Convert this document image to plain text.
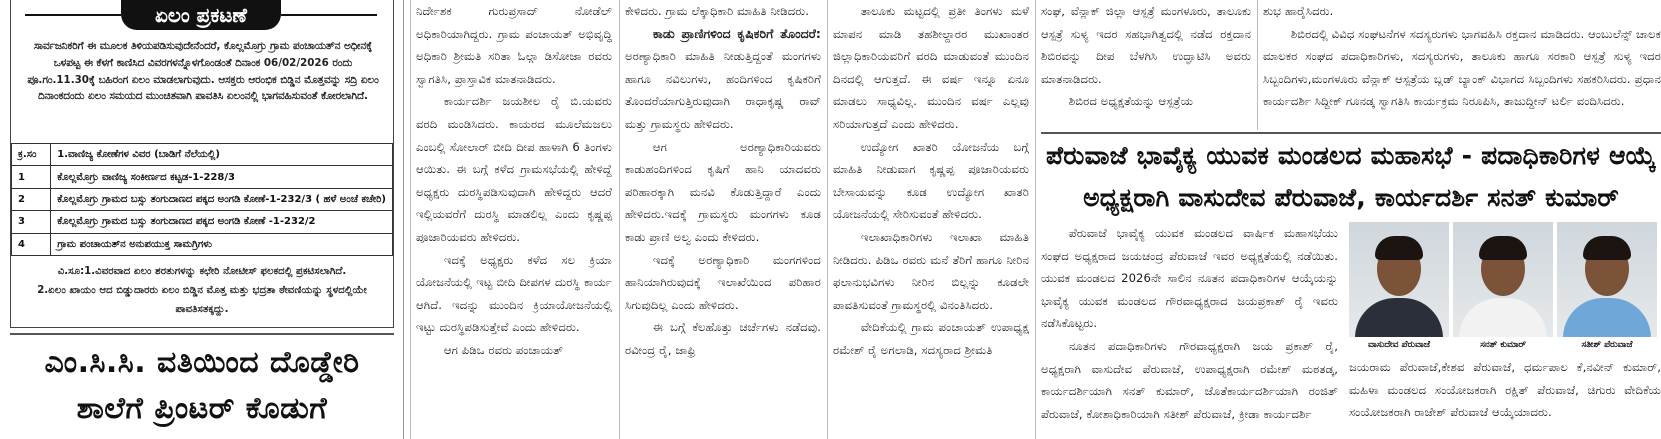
ಏಲಂ ಪ್ರಕಟಣೆ
ಸಾರ್ವಜನಿಕರಿಗೆ ಈ ಮೂಲಕ ತಿಳಿಯಪಡಿಸುವುದೇನೆಂದರೆ, ಕೊಲ್ಲಮೊಗ್ರು ಗ್ರಾಮ ಪಂಚಾಯತ್‌ನ ಅಧೀನಕ್ಕೆ ಒಳಪಟ್ಟ ಈ ಕೆಳಗೆ ಕಾಣಿಸಿದ ವಿವರಗಳನ್ನೊಳಗೊಂಡಂತೆ ದಿನಾಂಕ 06/02/2026 ರಂದು ಪೂ.ಗಂ.11.30ಕ್ಕೆ ಬಹಿರಂಗ ಏಲಂ ಮಾಡಲಾಗುವುದು. ಆಸಕ್ತರು ಆರಂಭಿಕ ಬಿಡ್ಡಿನ ಮೊತ್ತವನ್ನು ಸದ್ರಿ ಏಲಂ ದಿನಾಂಕದಂದು ಏಲಂ ಸಮಯದ ಮುಂಚಿತವಾಗಿ ಪಾವತಿಸಿ ಏಲಂನಲ್ಲಿ ಭಾಗವಹಿಸುವಂತೆ ಕೋರಲಾಗಿದೆ.
ಕ್ರ.ಸಂ	1.ವಾಣಿಜ್ಯ ಕೋಣೆಗಳ ವಿವರ (ಬಾಡಿಗೆ ನೆಲೆಯಲ್ಲಿ)
1	ಕೊಲ್ಲಮೊಗ್ರು ವಾಣಿಜ್ಯ ಸಂಕೀರ್ಣದ ಕಟ್ಟಡ-1-228/3
2	ಕೊಲ್ಲಮೊಗ್ರು ಗ್ರಾಮದ ಬಸ್ಸು ತಂಗುದಾಣದ ಪಕ್ಕದ ಅಂಗಡಿ ಕೋಣೆ-1-232/3 ( ಹಳೆ ಅಂಚೆ ಕಚೇರಿ)
3	ಕೊಲ್ಲಮೊಗ್ರು ಗ್ರಾಮದ ಬಸ್ಸು ತಂಗುದಾಣದ ಪಕ್ಕದ ಅಂಗಡಿ ಕೋಣೆ -1-232/2
4	ಗ್ರಾಮ ಪಂಚಾಯತ್‌ನ ಅನುಪಯುಕ್ತ ಸಾಮಗ್ರಿಗಳು
ವಿ.ಸೂ:1.ವಿವರವಾದ ಏಲಂ ಶರತುಗಳನ್ನು ಕಛೇರಿ ನೋಟೀಸ್ ಫಲಕದಲ್ಲಿ ಪ್ರಕಟಿಸಲಾಗಿದೆ.
2.ಏಲಂ ಖಾಯಂ ಆದ ಬಿಡ್ಡುದಾರರು ಏಲಂ ಬಿಡ್ಡಿನ ಮೊತ್ತ ಮತ್ತು ಭದ್ರತಾ ಠೇವಣಿಯನ್ನು ಸ್ಥಳದಲ್ಲಿಯೇ ಪಾವತಿಸತಕ್ಕದ್ದು.
ಎಂ.ಸಿ.ಸಿ. ವತಿಯಿಂದ ದೊಡ್ಡೇರಿ
ಶಾಲೆಗೆ ಪ್ರಿಂಟರ್ ಕೊಡುಗೆ

ನಿರ್ದೇಶಕ ಗುರುಪ್ರಸಾದ್ ನೋಡೆಲ್ ಅಧಿಕಾರಿಯಾಗಿದ್ದರು. ಗ್ರಾಮ ಪಂಚಾಯತ್ ಅಭಿವೃದ್ಧಿ ಅಧಿಕಾರಿ ಶ್ರೀಮತಿ ಸರಿತಾ ಓಲ್ಗಾ ಡಿಸೋಜಾ ರವರು ಸ್ವಾಗತಿಸಿ, ಪ್ರಾಸ್ತಾವಿಕ ಮಾತನಾಡಿದರು.

ಕಾರ್ಯದರ್ಶಿ ಜಯಶೀಲ ರೈ ಬಿ.ಯವರು ವರದಿ ಮಂಡಿಸಿದರು. ಕಾಯರದ ಮೂಲೆಮಜಲು ಎಂಬಲ್ಲಿ ಸೋಲಾರ್ ಬೀದಿ ದೀಪ ಹಾಳಾಗಿ 6 ತಿಂಗಳು ಆಯಿತು. ಈ ಬಗ್ಗೆ ಕಳೆದ ಗ್ರಾಮಸಭೆಯಲ್ಲಿ ಹೇಳಿದ್ದೆ ಅಧ್ಯಕ್ಷರು ದುರಸ್ಥಿಪಡಿಸುವುದಾಗಿ ಹೇಳಿದ್ದರು ಆದರೆ ಇಲ್ಲಿಯವರೆಗೆ ದುರಸ್ಥಿ ಮಾಡಲಿಲ್ಲ ಎಂದು ಕೃಷ್ಣಪ್ಪ ಪೂಜಾರಿಯವರು ಹೇಳಿದರು.

ಇದಕ್ಕೆ ಅಧ್ಯಕ್ಷರು ಕಳೆದ ಸಲ ಕ್ರಿಯಾ ಯೋಜನೆಯಲ್ಲಿ ಇಟ್ಟ ಬೀದಿ ದೀಪಗಳ ದುರಸ್ಥಿ ಕಾರ್ಯ ಆಗಿದೆ. ಇದನ್ನು ಮುಂದಿನ ಕ್ರಿಯಾಯೋಜನೆಯಲ್ಲಿ ಇಟ್ಟು ದುರಸ್ಥಿಪಡಿಸುತ್ತೇವೆ ಎಂದು ಹೇಳಿದರು.

ಆಗ ಪಿಡಿಒ ರವರು ಪಂಚಾಯತ್

ಕೇಳಿದರು. ಗ್ರಾಮ ಲೆಕ್ಕಾಧಿಕಾರಿ ಮಾಹಿತಿ ನೀಡಿದರು.

ಕಾಡು ಪ್ರಾಣಿಗಳಿಂದ ಕೃಷಿಕರಿಗೆ ತೊಂದರೆ: ಅರಣ್ಯಾಧಿಕಾರಿ ಮಾಹಿತಿ ನೀಡುತ್ತಿದ್ದಂತೆ ಮಂಗಗಳು ಹಾಗೂ ನವಿಲುಗಳು, ಹಂದಿಗಳಿಂದ ಕೃಷಿಕರಿಗೆ ತೊಂದರೆಯಾಗುತ್ತಿರುವುದಾಗಿ ರಾಧಾಕೃಷ್ಣ ರಾವ್ ಮತ್ತು ಗ್ರಾಮಸ್ಥರು ಹೇಳಿದರು.

ಆಗ ಅರಣ್ಯಾಧಿಕಾರಿಯವರು ಕಾಡುಹಂದಿಗಳಿಂದ ಕೃಷಿಗೆ ಹಾನಿ ಯಾದವರು ಪರಿಹಾರಕ್ಕಾಗಿ ಮನವಿ ಕೊಡುತ್ತಿದ್ದಾರೆ ಎಂದು ಹೇಳಿದರು.ಇದಕ್ಕೆ ಗ್ರಾಮಸ್ಥರು ಮಂಗಗಳು ಕೂಡ ಕಾಡು ಪ್ರಾಣಿ ಅಲ್ವ ಎಂದು ಕೇಳಿದರು.

ಇದಕ್ಕೆ ಅರಣ್ಯಾಧಿಕಾರಿ ಮಂಗಗಳಿಂದ ಹಾನಿಯಾಗಿರುವುದಕ್ಕೆ ಇಲಾಖೆಯಿಂದ ಪರಿಹಾರ ಸಿಗುವುದಿಲ್ಲ ಎಂದು ಹೇಳಿದರು.

ಈ ಬಗ್ಗೆ ಕೆಲಹೊತ್ತು ಚರ್ಚೆಗಳು ನಡೆದವು. ರವೀಂದ್ರ ರೈ, ಜಾಫ್ರಿ

ತಾಲೂಕು ಮಟ್ಟದಲ್ಲಿ ಪ್ರತೀ ತಿಂಗಳು ಮಳೆ ಮಾಪನ ಮಾಡಿ ತಹಶೀಲ್ದಾರರ ಮುಖಾಂತರ ಜಿಲ್ಲಾಧಿಕಾರಿಯವರಿಗೆ ವರದಿ ಮಾಡುವಂತೆ ಮುಂದಿನ ದಿನದಲ್ಲಿ ಆಗುತ್ತದೆ. ಈ ವರ್ಷ ಇನ್ನೂ ಏನೂ ಮಾಡಲು ಸಾಧ್ಯವಿಲ್ಲ. ಮುಂದಿನ ವರ್ಷ ಎಲ್ಲವು ಸರಿಯಾಗುತ್ತದೆ ಎಂದು ಹೇಳಿದರು.

ಉದ್ಯೋಗ ಖಾತರಿ ಯೋಜನೆಯ ಬಗ್ಗೆ ಮಾಹಿತಿ ನೀಡುವಾಗ ಕೃಷ್ಣಪ್ಪ ಪೂಜಾರಿಯವರು ಬೇಸಾಯವನ್ನು ಕೂಡ ಉದ್ಯೋಗ ಖಾತರಿ ಯೋಜನೆಯಲ್ಲಿ ಸೇರಿಸುವಂತೆ ಹೇಳಿದರು.

ಇಲಾಖಾಧಿಕಾರಿಗಳು ಇಲಾಖಾ ಮಾಹಿತಿ ನೀಡಿದರು. ಪಿಡಿಒ ರವರು ಮನೆ ತೆರಿಗೆ ಹಾಗೂ ನೀರಿನ ಫಲಾನುಭವಿಗಳು ನೀರಿನ ಬಿಲ್ಲನ್ನು ಕೂಡಲೇ ಪಾವತಿಸುವಂತೆ ಗ್ರಾಮಸ್ಥರಲ್ಲಿ ವಿನಂತಿಸಿದರು.

ವೇದಿಕೆಯಲ್ಲಿ ಗ್ರಾಮ ಪಂಚಾಯತ್ ಉಪಾಧ್ಯಕ್ಷ ರಮೇಶ್ ರೈ ಅಗಲಾಡಿ, ಸದಸ್ಯರಾದ ಶ್ರೀಮತಿ

ಸಂಘ, ವೆನ್ಲಾಕ್ ಜಿಲ್ಲಾ ಆಸ್ಪತ್ರೆ ಮಂಗಳೂರು, ತಾಲೂಕು ಆಸ್ಪತ್ರೆ ಸುಳ್ಯ ಇದರ ಸಹಭಾಗಿತ್ವದಲ್ಲಿ ನಡೆದ ರಕ್ತದಾನ ಶಿಬಿರವನ್ನು ದೀಪ ಬೆಳಗಿಸಿ ಉದ್ಘಾಟಿಸಿ ಅವರು ಮಾತನಾಡಿದರು.

ಶಿಬಿರದ ಅಧ್ಯಕ್ಷತೆಯನ್ನು ಆಸ್ಪತ್ರೆಯ

ಶುಭ ಹಾರೈಸಿದರು.

ಶಿಬಿರದಲ್ಲಿ ವಿವಿಧ ಸಂಘಟನೆಗಳ ಸದಸ್ಯರುಗಳು ಭಾಗವಹಿಸಿ ರಕ್ತದಾನ ಮಾಡಿದರು. ಆಂಬುಲೆನ್ಸ್ ಚಾಲಕ ಮಾಲಕರ ಸಂಘದ ಪದಾಧಿಕಾರಿಗಳು, ಸದಸ್ಯರುಗಳು, ತಾಲೂಕು ಹಾಗೂ ಸರಕಾರಿ ಆಸ್ಪತ್ರೆ ಸುಳ್ಯ ಇದರ ಸಿಬ್ಬಂದಿಗಳು,ಮಂಗಳೂರು ವೆನ್ಲಾಕ್ ಆಸ್ಪತ್ರೆಯ ಬ್ಲಡ್ ಬ್ಯಾಂಕ್ ವಿಭಾಗದ ಸಿಬ್ಬಂದಿಗಳು ಸಹಕರಿಸಿದರು. ಪ್ರಧಾನ ಕಾರ್ಯದರ್ಶಿ ಸಿದ್ದೀಕ್ ಗೂನಡ್ಕ ಸ್ವಾಗತಿಸಿ ಕಾರ್ಯಕ್ರಮ ನಿರೂಪಿಸಿ, ತಾಜುದ್ದೀನ್ ಟರ್ಲಿ ವಂದಿಸಿದರು.

ಪೆರುವಾಜೆ ಭಾವೈಕ್ಯ ಯುವಕ ಮಂಡಲದ ಮಹಾಸಭೆ - ಪದಾಧಿಕಾರಿಗಳ ಆಯ್ಕೆ
ಅಧ್ಯಕ್ಷರಾಗಿ ವಾಸುದೇವ ಪೆರುವಾಜೆ, ಕಾರ್ಯದರ್ಶಿ ಸನತ್ ಕುಮಾರ್

ಪೆರುವಾಜೆ ಭಾವೈಕ್ಯ ಯುವಕ ಮಂಡಲದ ವಾರ್ಷಿಕ ಮಹಾಸಭೆಯು ಸಂಘದ ಅಧ್ಯಕ್ಷರಾದ ಜಯಚಂದ್ರ ಪೆರುವಾಜೆ ಇವರ ಅಧ್ಯಕ್ಷತೆಯಲ್ಲಿ ನಡೆಯಿತು. ಯುವಕ ಮಂಡಲದ 2026ನೇ ಸಾಲಿನ ನೂತನ ಪದಾಧಿಕಾರಿಗಳ ಆಯ್ಕೆಯನ್ನು ಭಾವೈಕ್ಯ ಯುವಕ ಮಂಡಲದ ಗೌರವಾಧ್ಯಕ್ಷರಾದ ಜಯಪ್ರಕಾಶ್ ರೈ ಇವರು ನಡೆಸಿಕೊಟ್ಟರು.

ನೂತನ ಪದಾಧಿಕಾರಿಗಳು ಗೌರವಾಧ್ಯಕ್ಷರಾಗಿ ಜಯ ಪ್ರಕಾಶ್ ರೈ, ಅಧ್ಯಕ್ಷರಾಗಿ ವಾಸುದೇವ ಪೆರುವಾಜೆ, ಉಪಾಧ್ಯಕ್ಷರಾಗಿ ರಮೇಶ್ ಮಠತಡ್ಕ, ಕಾರ್ಯದರ್ಶಿಯಾಗಿ ಸನತ್ ಕುಮಾರ್, ಜೊತೆಕಾರ್ಯದರ್ಶಿಯಾಗಿ ರಂಜಿತ್ ಪೆರುವಾಜೆ, ಕೋಶಾಧಿಕಾರಿಯಾಗಿ ಸತೀಶ್ ಪೆರುವಾಜೆ, ಕ್ರೀಡಾ ಕಾರ್ಯದರ್ಶಿ

ವಾಸುದೇವ ಪೆರುವಾಜೆ	ಸನತ್ ಕುಮಾರ್	ಸತೀಶ್ ಪೆರುವಾಜೆ

ಜಯರಾಮ ಪೆರುವಾಜೆ,ಕೇಶವ ಪೆರುವಾಜೆ, ಧರ್ಮಪಾಲ ಕೆ,ನವೀನ್ ಕುಮಾರ್, ಮಹಿಳಾ ಮಂಡಲದ ಸಂಯೋಜಕರಾಗಿ ರಕ್ಷಿತ್ ಪೆರುವಾಜೆ, ಚಿಗುರು ವೇದಿಕೆಯ ಸಂಯೋಜಕರಾಗಿ ರಾಜೇಶ್ ಪೆರುವಾಜೆ ಆಯ್ಕೆಯಾದರು.
